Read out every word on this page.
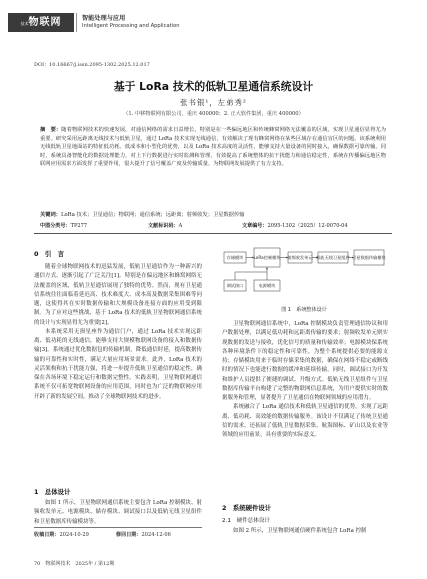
技术物联网	智能处理与应用
Intelligent Processing and Application
DOI：10.16667/j.issn.2095-1302.2025.12.017
基于 LoRa 技术的低轨卫星通信系统设计
张书银¹，左弟秀²
（1. 中移物联网有限公司，重庆 400000；2. 正大软件集团，重庆 400000）
摘　要：随着物联网技术的快速发展，对通信网络的需求日益增长，特别是在一些偏远地区和传统蜂窝网络无法覆盖的区域，实现卫星通信显得尤为重要。研究采用远距离无线技术与低轨卫星，通过 LoRa 技术实现无线通信，有效解决了现有蜂窝网络在某些区域存在通信盲区的问题。该系统利用无线低轨卫星地面站的特征低功耗、低成本和小型化的优势，以及 LoRa 技术高度的灵活性，能够支持大量设备的同时接入，确保数据可靠传输。同时，系统具备智能化的数据处理能力，对上下行数据进行实时监测和管理，有效提高了系统整体的抗干扰能力和通信稳定性，系统在传播偏远地区物联网应用需求方面发挥了重要作用，很大提升了信号覆盖广度及传输质量，为物联网发展提供了有力支持。
关键词：LoRa 技术；卫星通信；物联网；通信系统；远距离；射频收发；卫星数据传输
中图分类号：TP277	文献标识码：A	文章编号：2095-1302（2025）12-0070-04
0　引　言

随着全球物联网技术的迅猛发展，低轨卫星通信作为一种新兴的通信方式，逐渐引起了广泛关注[1]。特别是在偏远地区和蜂窝网络无法覆盖的区域，低轨卫星通信展现了独特的优势。然而，现有卫星通信系统往往面临着延迟高、技术难度大、成本高及数据采集困难等问题，这使得其在实时数据传输和大规模设备连接方面的应用受到限制。为了应对这些挑战，基于 LoRa 技术的低轨卫星物联网通信系统的设计与实现显得尤为重要[2]。

本系统采用无损星座作为通信门户，通过 LoRa 技术实现远距离、低功耗的无线通信，能够支持大规模物联网设备的接入和数据传输[3]。系统通过优化数据包的传输机制，降低通信时延，提高数据传输的可靠性和实时性，满足大量应用场景需求。此外，LoRa 技术的灵活架构和抗干扰能力强，将进一步提升低轨卫星通信的稳定性，确保在各场环境下稳定运行和数据完整性。实践表明，卫星物联网通信系统不仅可拓宽物联网设备的应用范围，同时也为广泛的物联网应用开辟了新的发展空间，推动了全球物联网技术的进步。

1　总体设计

如图 1 所示，卫星物联网通信系统主要包含 LoRa 控制模块、射频收发单元、电源模块、储存模块、调试接口以及低轨无线卫星组件和卫星数据库传输模块等。

收稿日期：2024-10-29	修回日期：2024-12-06
70　物联网技术　2025年 / 第12期
存储模块 LoRa控制模块 射频收发单元 低轨无线卫星组件 卫星数据传输模块
调试接口	电源模块
图 1　系统整体设计

卫星物联网通信系统中，LoRa 控制模块负责管理通信协议和用户数据处理，以满足低功耗和远距离传输的要求；射频收发单元则实现数据的发送与接收，优化信号的质量和传输效率；电源模块保系统各种环境条件下的稳定性和可靠性，为整个系统提供必要的能源支持；存储模块用来于临时存储采集的数据，确保在网络不稳定或断线时的情况下也能进行数据的缓冲和延续传输。同时，调试接口为开发和维护人员提供了便捷的调试、升级方式。低轨无线卫星组件与卫星数据库传输平台构建了完整的物联网信息系统，为用户提供实时的数据服务和管理，显著提升了卫星通信在物联网领域的应用潜力。

系统融合了 LoRa 通信技术和低轨卫星通信的优势，实现了远距离、低功耗、高效能的数据传输服务。该设计不仅满足了传统卫星通信的需求，还拓展了低轨卫星数据采集、航海图标、矿山以及农业等领域的应用前景，具有重要的实际意义。

2　系统硬件设计
2.1　硬件总体设计

如图 2 所示，卫星物联网通信硬件系统包含 LoRa 控制
